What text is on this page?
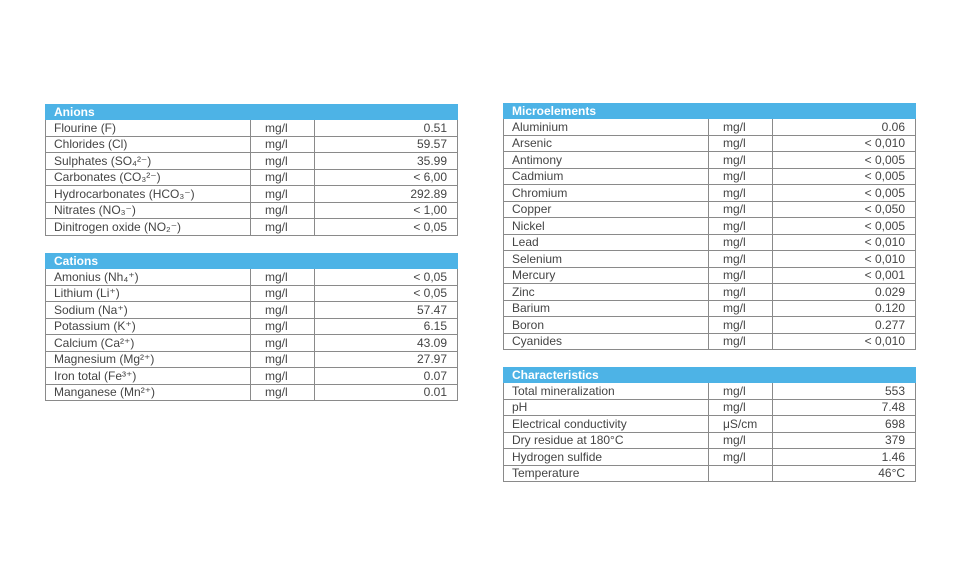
Anions		
Flourine (F)	mg/l	0.51
Chlorides (Cl)	mg/l	59.57
Sulphates (SO₄²⁻)	mg/l	35.99
Carbonates (CO₃²⁻)	mg/l	< 6,00
Hydrocarbonates (HCO₃⁻)	mg/l	292.89
Nitrates (NO₃⁻)	mg/l	< 1,00
Dinitrogen oxide (NO₂⁻)	mg/l	< 0,05
Cations		
Amonius (Nh₄⁺)	mg/l	< 0,05
Lithium (Li⁺)	mg/l	< 0,05
Sodium (Na⁺)	mg/l	57.47
Potassium (K⁺)	mg/l	6.15
Calcium (Ca²⁺)	mg/l	43.09
Magnesium (Mg²⁺)	mg/l	27.97
Iron total (Fe³⁺)	mg/l	0.07
Manganese (Mn²⁺)	mg/l	0.01
Microelements		
Aluminium	mg/l	0.06
Arsenic	mg/l	< 0,010
Antimony	mg/l	< 0,005
Cadmium	mg/l	< 0,005
Chromium	mg/l	< 0,005
Copper	mg/l	< 0,050
Nickel	mg/l	< 0,005
Lead	mg/l	< 0,010
Selenium	mg/l	< 0,010
Mercury	mg/l	< 0,001
Zinc	mg/l	0.029
Barium	mg/l	0.120
Boron	mg/l	0.277
Cyanides	mg/l	< 0,010
Characteristics		
Total mineralization	mg/l	553
pH	mg/l	7.48
Electrical conductivity	μS/cm	698
Dry residue at 180°C	mg/l	379
Hydrogen sulfide	mg/l	1.46
Temperature		46°C
